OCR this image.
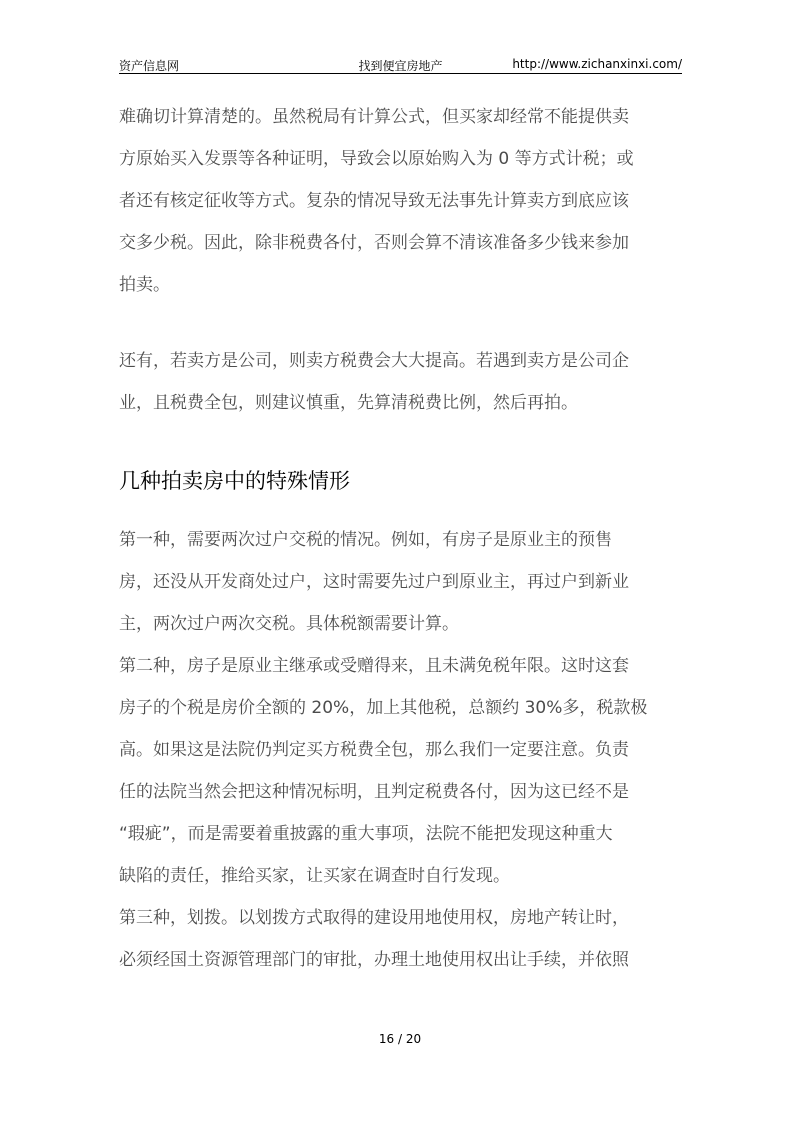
资产信息网	找到便宜房地产	http://www.zichanxinxi.com/

难确切计算清楚的。虽然税局有计算公式，但买家却经常不能提供卖

方原始买入发票等各种证明，导致会以原始购入为 0 等方式计税；或

者还有核定征收等方式。复杂的情况导致无法事先计算卖方到底应该

交多少税。因此，除非税费各付，否则会算不清该准备多少钱来参加

拍卖。

还有，若卖方是公司，则卖方税费会大大提高。若遇到卖方是公司企

业，且税费全包，则建议慎重，先算清税费比例，然后再拍。

几种拍卖房中的特殊情形

第一种，需要两次过户交税的情况。例如，有房子是原业主的预售

房，还没从开发商处过户，这时需要先过户到原业主，再过户到新业

主，两次过户两次交税。具体税额需要计算。

第二种，房子是原业主继承或受赠得来，且未满免税年限。这时这套

房子的个税是房价全额的 20%，加上其他税，总额约 30%多，税款极

高。如果这是法院仍判定买方税费全包，那么我们一定要注意。负责

任的法院当然会把这种情况标明，且判定税费各付，因为这已经不是

“瑕疵”，而是需要着重披露的重大事项，法院不能把发现这种重大

缺陷的责任，推给买家，让买家在调查时自行发现。

第三种，划拨。以划拨方式取得的建设用地使用权，房地产转让时，

必须经国土资源管理部门的审批，办理土地使用权出让手续，并依照

16 / 20
